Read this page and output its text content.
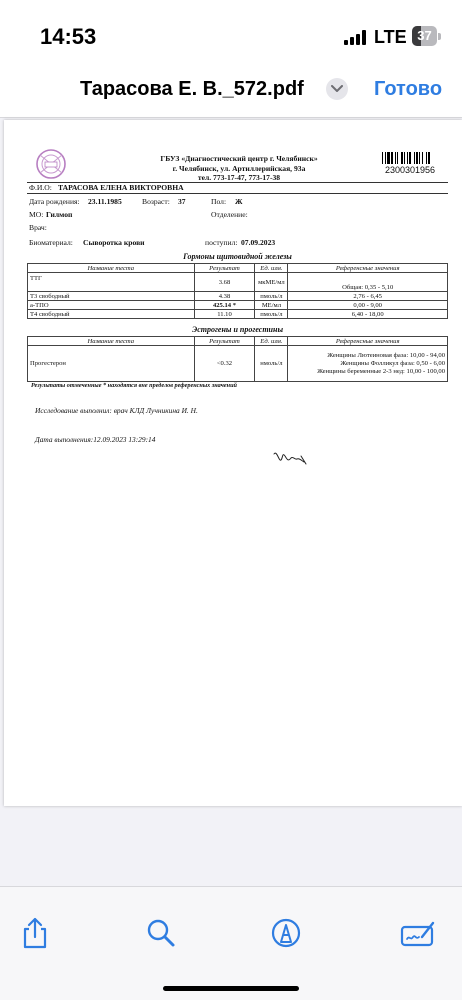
14:53	LTE 37
Тарасова Е. В._572.pdf	Готово
ГБУЗ «Диагностический центр г. Челябинск»
г. Челябинск, ул. Артиллерийская, 93а
тел. 773-17-47, 773-17-38
2300301956
Ф.И.О: ТАРАСОВА ЕЛЕНА ВИКТОРОВНА
Дата рождения: 23.11.1985	Возраст: 37	Пол: Ж
МО: Гилмоп	Отделение:
Врач:
Биоматериал: Сыворотка крови	поступил: 07.09.2023
Гормоны щитовидной железы
Название теста	Результат	Ед. изм.	Референсные значения
ТТГ	3.68	мкМЕ/мл	Общая: 0,35 - 5,10
Т3 свободный	4.38	пмоль/л	2,76 - 6,45
а-ТПО	425.14 *	МЕ/мл	0,00 - 9,00
Т4 свободный	11.10	пмоль/л	6,40 - 18,00
Эстрогены и прогестины
Название теста	Результат	Ед. изм.	Референсные значения
Прогестерон	<0.32	нмоль/л	Женщины Лютеиновая фаза: 10,00 - 94,00
Женщины Фолликул фаза: 0,50 - 6,00
Женщины беременные 2-3 нед: 10,00 - 100,00
Результаты отмеченные * находятся вне пределов референсных значений
Исследование выполнил: врач КЛД Лучникина И. Н.
Дата выполнения:12.09.2023 13:29:14
